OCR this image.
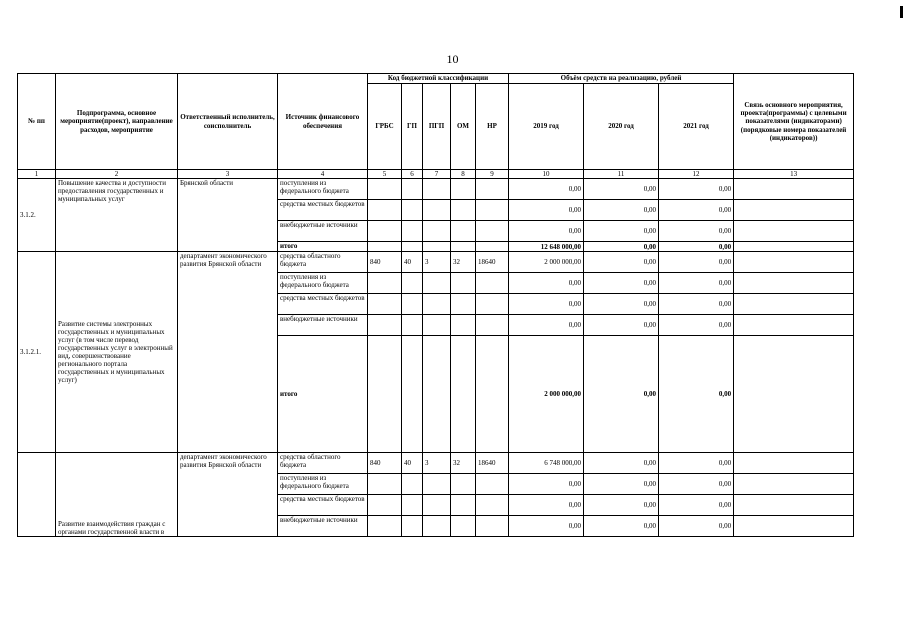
10
№ пп	Подпрограмма, основное мероприятие(проект), направление расходов, мероприятие	Ответственный исполнитель, соисполнитель	Источник финансового обеспечения	Код бюджетной классификации					Объём средств на реализацию, рублей			Связь основного мероприятия, проекта(программы) с целевыми показателями (индикаторами) (порядковые номера показателей (индикаторов))
				ГРБС	ГП	ПГП	ОМ	НР	2019 год	2020 год	2021 год	
1	2	3	4	5	6	7	8	9	10	11	12	13
3.1.2.	Повышение качества и доступности предоставления государственных и муниципальных услуг	Брянской области	поступления из федерального бюджета						0,00	0,00	0,00	
			средства местных бюджетов						0,00	0,00	0,00	
			внебюджетные источники						0,00	0,00	0,00	
			итого						12 648 000,00	0,00	0,00	
3.1.2.1.	Развитие системы электронных государственных и муниципальных услуг (в том числе перевод государственных услуг в электронный вид, совершенствование регионального портала государственных и муниципальных услуг)	департамент экономического развития Брянской области	средства областного бюджета	840	40	3	32	18640	2 000 000,00	0,00	0,00	
			поступления из федерального бюджета						0,00	0,00	0,00	
			средства местных бюджетов						0,00	0,00	0,00	
			внебюджетные источники						0,00	0,00	0,00	
			итого						2 000 000,00	0,00	0,00	
	Развитие взаимодействия граждан с органами государственной власти в	департамент экономического развития Брянской области	средства областного бюджета	840	40	3	32	18640	6 748 000,00	0,00	0,00	
			поступления из федерального бюджета						0,00	0,00	0,00	
			средства местных бюджетов						0,00	0,00	0,00	
			внебюджетные источники						0,00	0,00	0,00	
